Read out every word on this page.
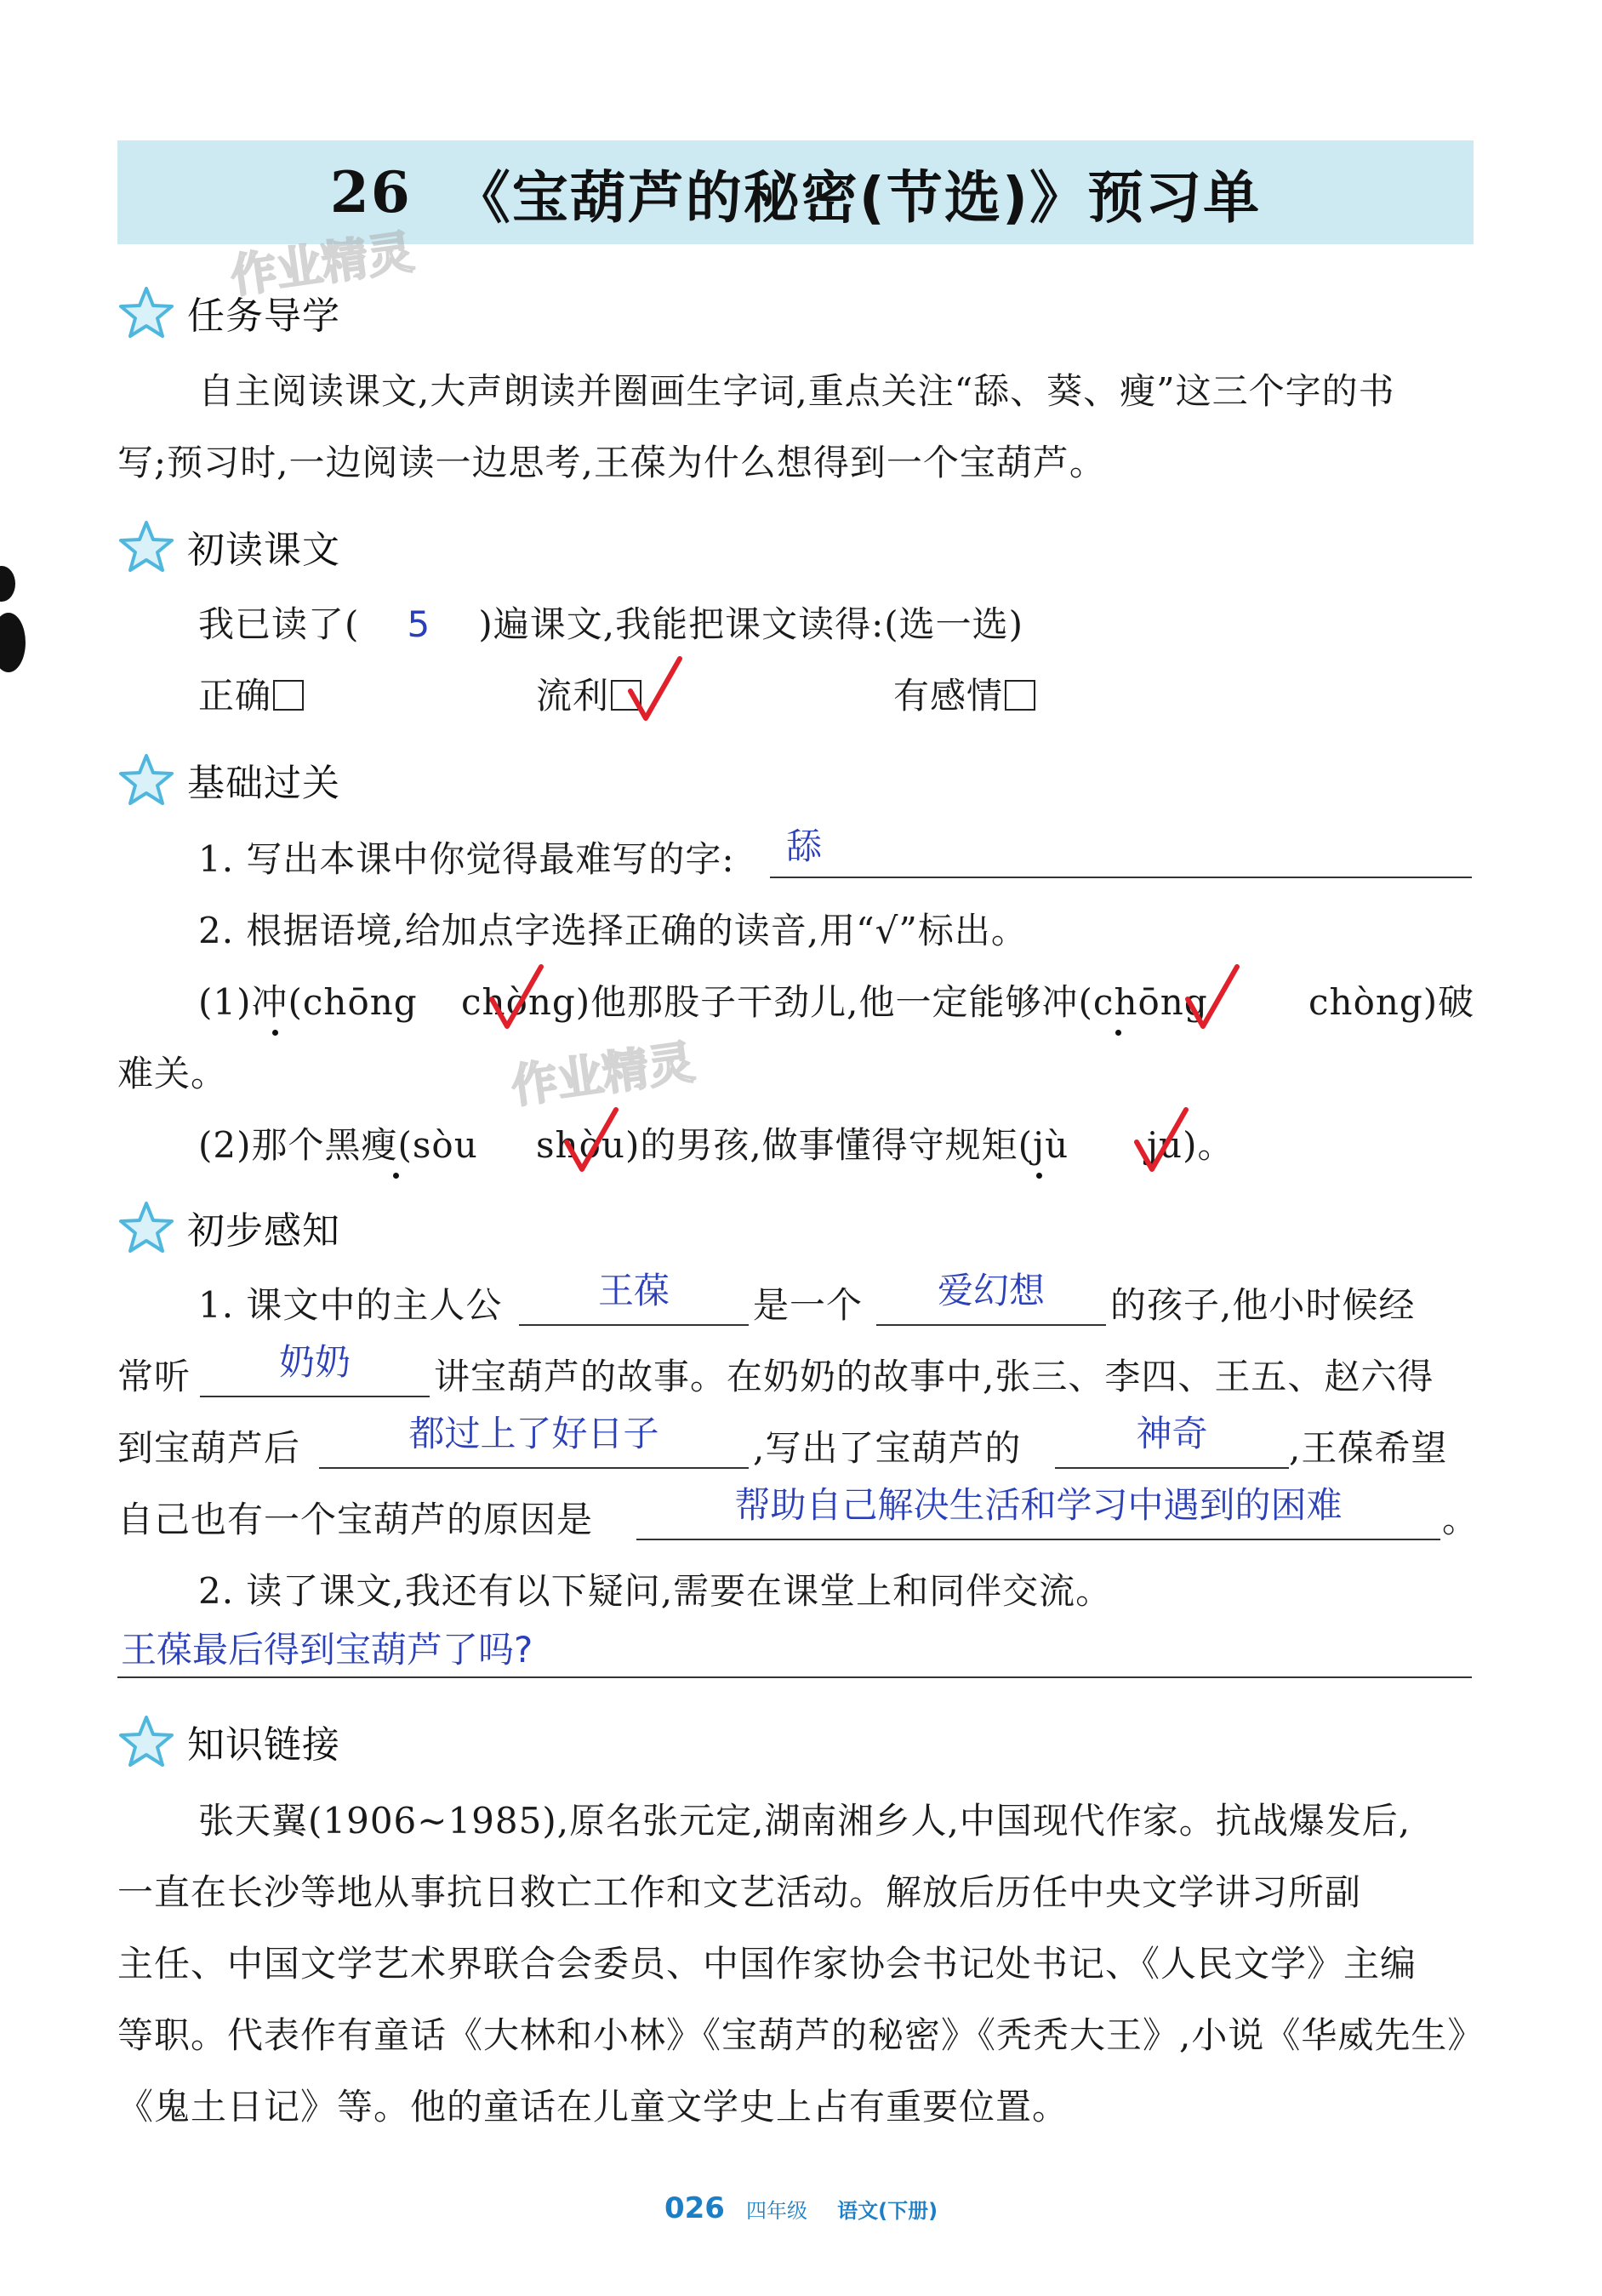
26 《宝葫芦的秘密(节选)》预习单
作业精灵
作业精灵
任务导学
自主阅读课文,大声朗读并圈画生字词,重点关注“舔、葵、瘦”这三个字的书
写;预习时,一边阅读一边思考,王葆为什么想得到一个宝葫芦。
初读课文
我已读了( 5 )遍课文,我能把课文读得:(选一选)
正确	流利	有感情
基础过关
1. 写出本课中你觉得最难写的字:	舔
2. 根据语境,给加点字选择正确的读音,用“√”标出。
(1)冲(chōng chòng)他那股子干劲儿,他一定能够冲(chōng	chòng)破
难关。
(2)那个黑瘦(sòu shòu)的男孩,做事懂得守规矩(jù ju)。
初步感知
1. 课文中的主人公	王葆	是一个	爱幻想	的孩子,他小时候经
常听	奶奶	讲宝葫芦的故事。在奶奶的故事中,张三、李四、王五、赵六得
到宝葫芦后	都过上了好日子	,写出了宝葫芦的	神奇	,王葆希望
自己也有一个宝葫芦的原因是	帮助自己解决生活和学习中遇到的困难	。
2. 读了课文,我还有以下疑问,需要在课堂上和同伴交流。
王葆最后得到宝葫芦了吗?
知识链接
张天翼(1906~1985),原名张元定,湖南湘乡人,中国现代作家。抗战爆发后,
一直在长沙等地从事抗日救亡工作和文艺活动。解放后历任中央文学讲习所副
主任、中国文学艺术界联合会委员、中国作家协会书记处书记、《人民文学》主编
等职。代表作有童话《大林和小林》《宝葫芦的秘密》《秃秃大王》,小说《华威先生》
《鬼土日记》等。他的童话在儿童文学史上占有重要位置。
026 四年级 语文(下册)
